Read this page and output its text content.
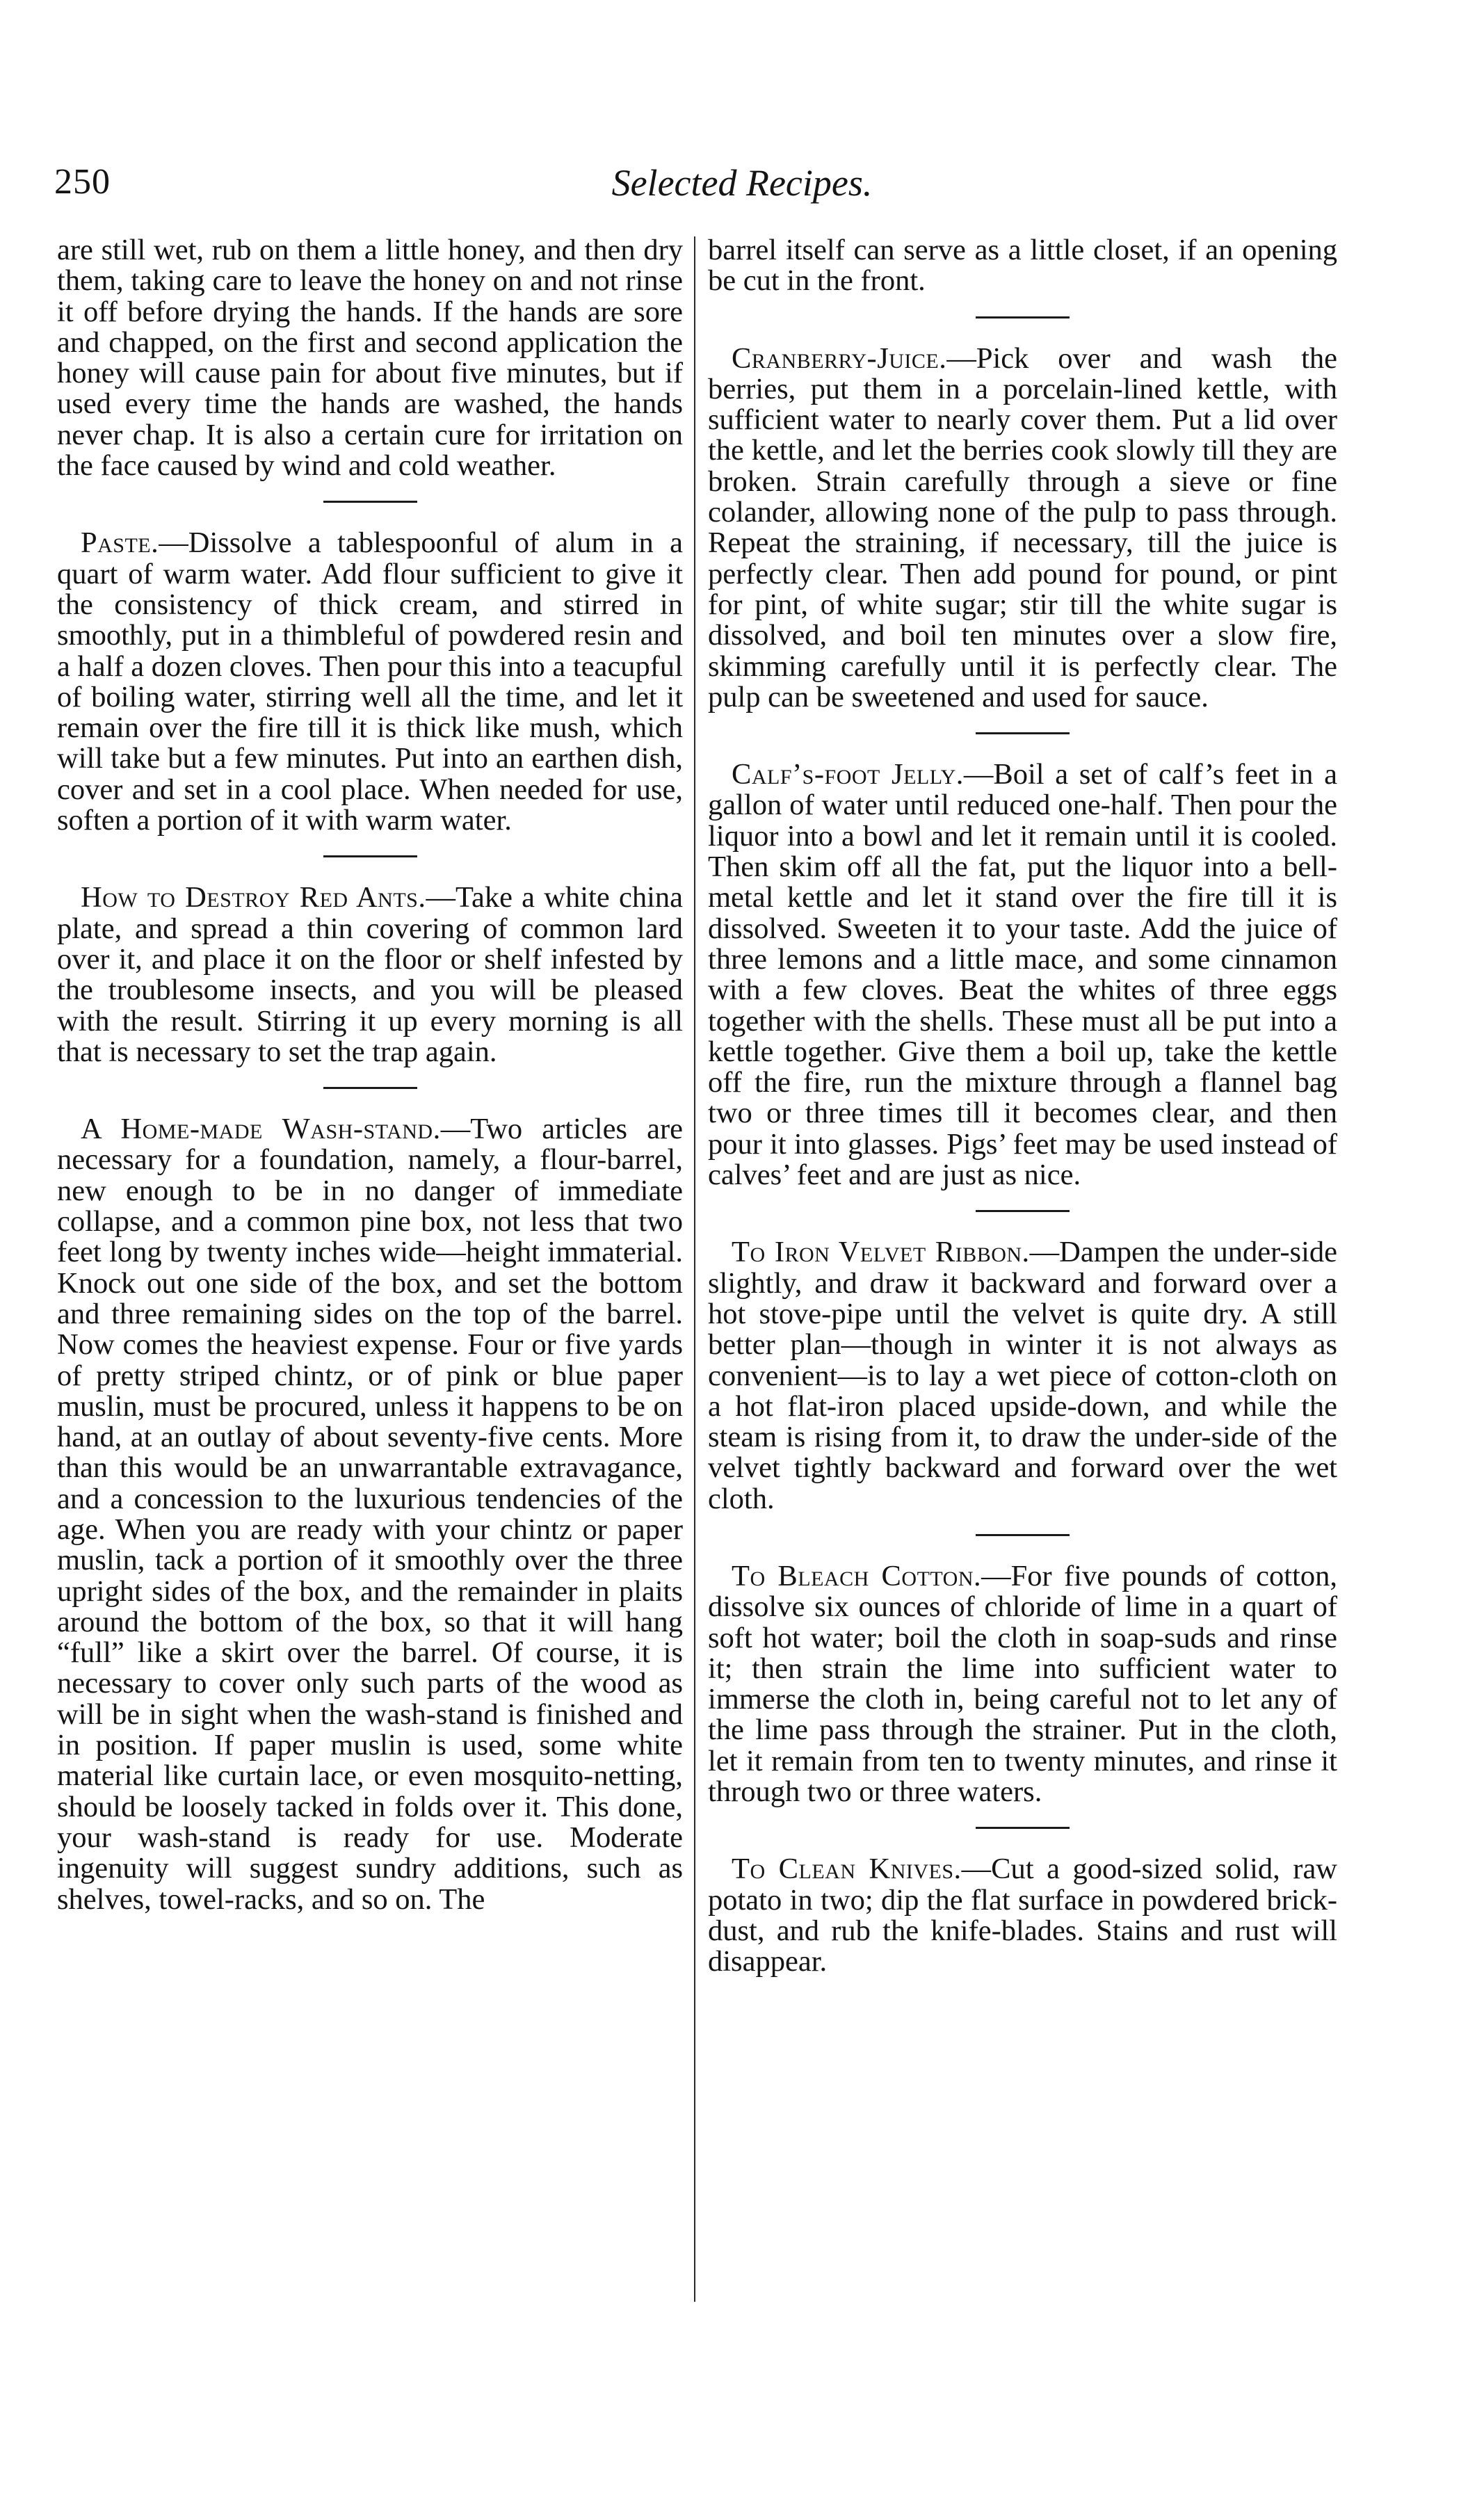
250	Selected Recipes.

are still wet, rub on them a little honey, and then dry them, taking care to leave the honey on and not rinse it off before drying the hands. If the hands are sore and chapped, on the first and second application the honey will cause pain for about five minutes, but if used every time the hands are washed, the hands never chap. It is also a certain cure for irritation on the face caused by wind and cold weather.

Paste.—Dissolve a tablespoonful of alum in a quart of warm water. Add flour sufficient to give it the consistency of thick cream, and stirred in smoothly, put in a thimbleful of powdered resin and a half a dozen cloves. Then pour this into a teacupful of boiling water, stirring well all the time, and let it remain over the fire till it is thick like mush, which will take but a few minutes. Put into an earthen dish, cover and set in a cool place. When needed for use, soften a portion of it with warm water.

How to Destroy Red Ants.—Take a white china plate, and spread a thin covering of common lard over it, and place it on the floor or shelf infested by the troublesome insects, and you will be pleased with the result. Stirring it up every morning is all that is necessary to set the trap again.

A Home-made Wash-stand.—Two articles are necessary for a foundation, namely, a flour-barrel, new enough to be in no danger of immediate collapse, and a common pine box, not less that two feet long by twenty inches wide—height immaterial. Knock out one side of the box, and set the bottom and three remaining sides on the top of the barrel. Now comes the heaviest expense. Four or five yards of pretty striped chintz, or of pink or blue paper muslin, must be procured, unless it happens to be on hand, at an outlay of about seventy-five cents. More than this would be an unwarrantable extravagance, and a concession to the luxurious tendencies of the age. When you are ready with your chintz or paper muslin, tack a portion of it smoothly over the three upright sides of the box, and the remainder in plaits around the bottom of the box, so that it will hang “full” like a skirt over the barrel. Of course, it is necessary to cover only such parts of the wood as will be in sight when the wash-stand is finished and in position. If paper muslin is used, some white material like curtain lace, or even mosquito-netting, should be loosely tacked in folds over it. This done, your wash-stand is ready for use. Moderate ingenuity will suggest sundry additions, such as shelves, towel-racks, and so on. The

barrel itself can serve as a little closet, if an opening be cut in the front.

Cranberry-Juice.—Pick over and wash the berries, put them in a porcelain-lined kettle, with sufficient water to nearly cover them. Put a lid over the kettle, and let the berries cook slowly till they are broken. Strain carefully through a sieve or fine colander, allowing none of the pulp to pass through. Repeat the straining, if necessary, till the juice is perfectly clear. Then add pound for pound, or pint for pint, of white sugar; stir till the white sugar is dissolved, and boil ten minutes over a slow fire, skimming carefully until it is perfectly clear. The pulp can be sweetened and used for sauce.

Calf’s-foot Jelly.—Boil a set of calf’s feet in a gallon of water until reduced one-half. Then pour the liquor into a bowl and let it remain until it is cooled. Then skim off all the fat, put the liquor into a bell-metal kettle and let it stand over the fire till it is dissolved. Sweeten it to your taste. Add the juice of three lemons and a little mace, and some cinnamon with a few cloves. Beat the whites of three eggs together with the shells. These must all be put into a kettle together. Give them a boil up, take the kettle off the fire, run the mixture through a flannel bag two or three times till it becomes clear, and then pour it into glasses. Pigs’ feet may be used instead of calves’ feet and are just as nice.

To Iron Velvet Ribbon.—Dampen the under-side slightly, and draw it backward and forward over a hot stove-pipe until the velvet is quite dry. A still better plan—though in winter it is not always as convenient—is to lay a wet piece of cotton-cloth on a hot flat-iron placed upside-down, and while the steam is rising from it, to draw the under-side of the velvet tightly backward and forward over the wet cloth.

To Bleach Cotton.—For five pounds of cotton, dissolve six ounces of chloride of lime in a quart of soft hot water; boil the cloth in soap-suds and rinse it; then strain the lime into sufficient water to immerse the cloth in, being careful not to let any of the lime pass through the strainer. Put in the cloth, let it remain from ten to twenty minutes, and rinse it through two or three waters.

To Clean Knives.—Cut a good-sized solid, raw potato in two; dip the flat surface in powdered brick-dust, and rub the knife-blades. Stains and rust will disappear.
